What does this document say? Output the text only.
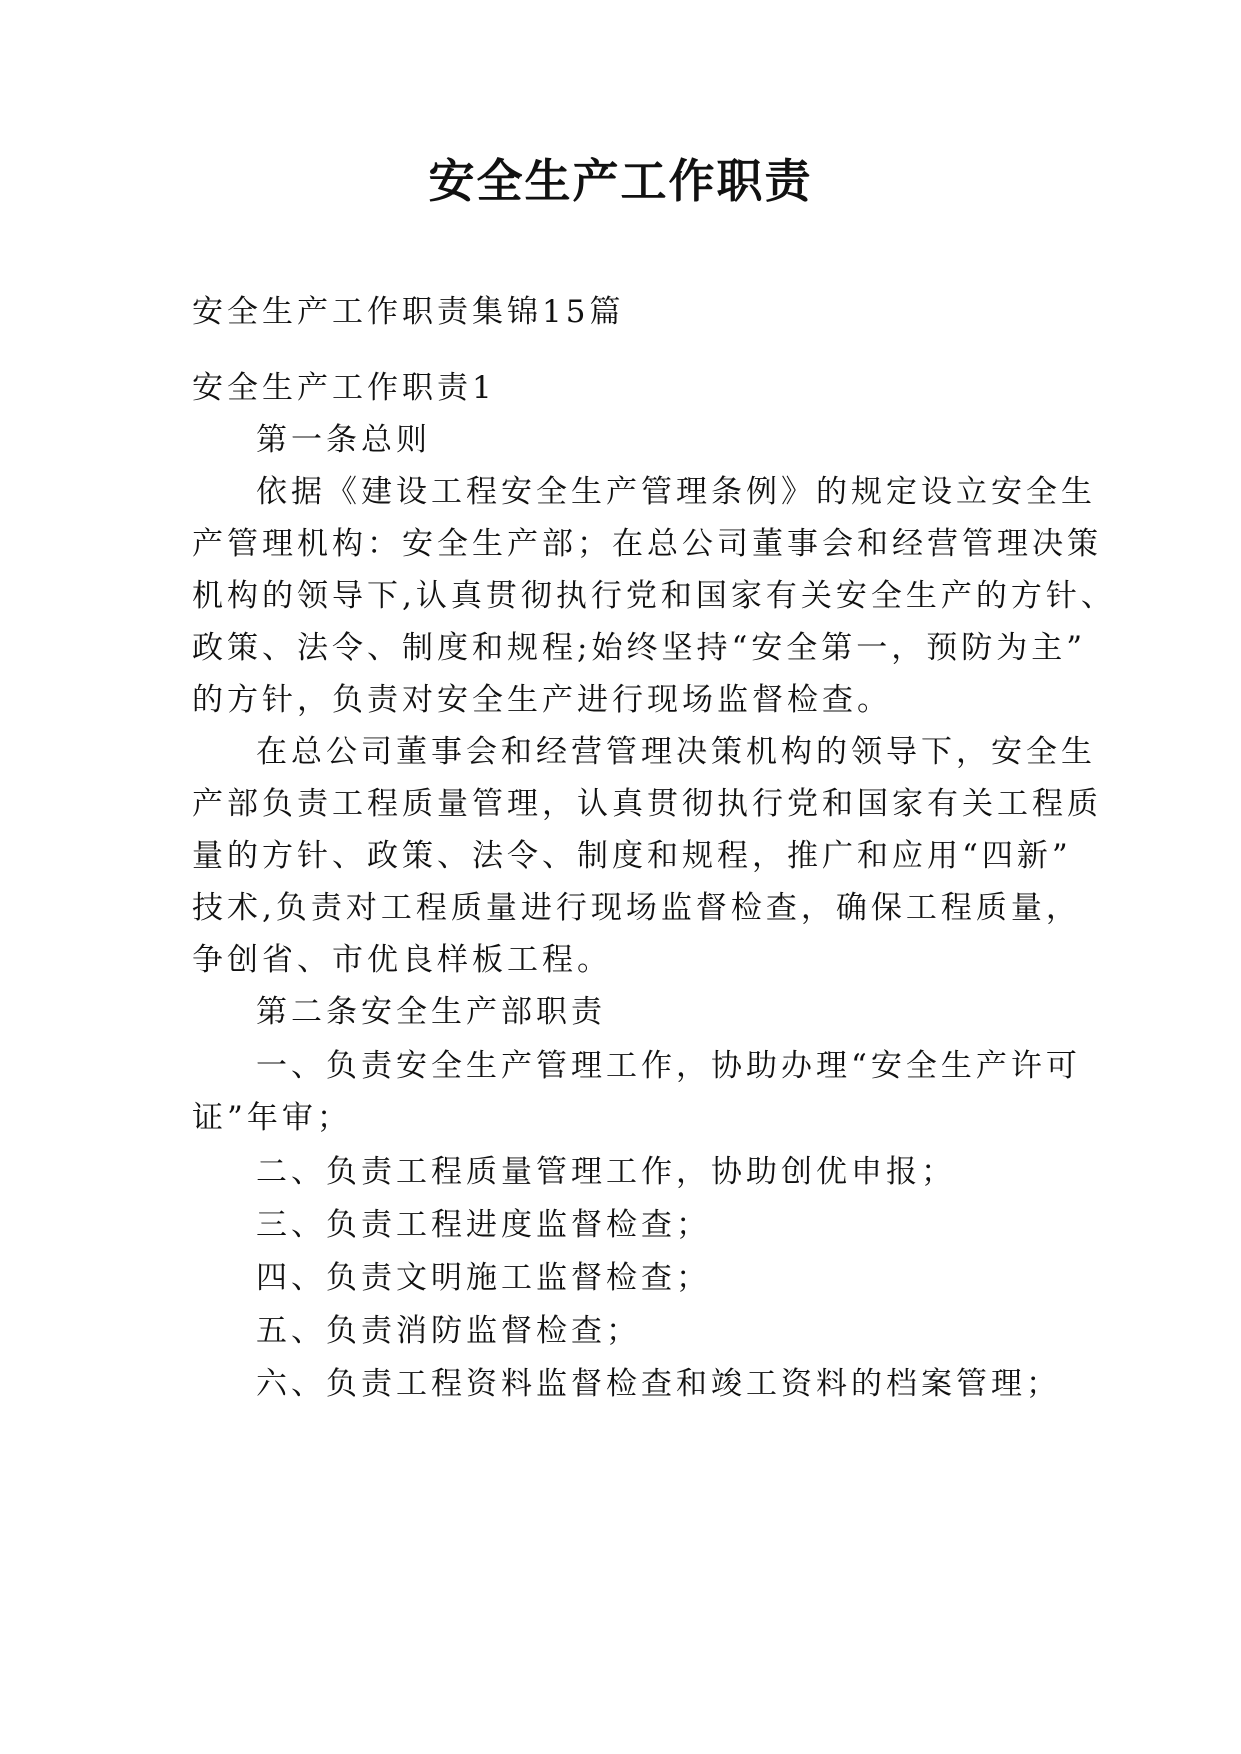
安全生产工作职责
安全生产工作职责集锦15篇
安全生产工作职责1
第一条总则
依据《建设工程安全生产管理条例》的规定设立安全生
产管理机构：安全生产部；在总公司董事会和经营管理决策
机构的领导下,认真贯彻执行党和国家有关安全生产的方针、
政策、法令、制度和规程;始终坚持“安全第一，预防为主”
的方针，负责对安全生产进行现场监督检查。
在总公司董事会和经营管理决策机构的领导下，安全生
产部负责工程质量管理，认真贯彻执行党和国家有关工程质
量的方针、政策、法令、制度和规程，推广和应用“四新”
技术,负责对工程质量进行现场监督检查，确保工程质量，
争创省、市优良样板工程。
第二条安全生产部职责
一、负责安全生产管理工作，协助办理“安全生产许可
证”年审；
二、负责工程质量管理工作，协助创优申报；
三、负责工程进度监督检查；
四、负责文明施工监督检查；
五、负责消防监督检查；
六、负责工程资料监督检查和竣工资料的档案管理；
